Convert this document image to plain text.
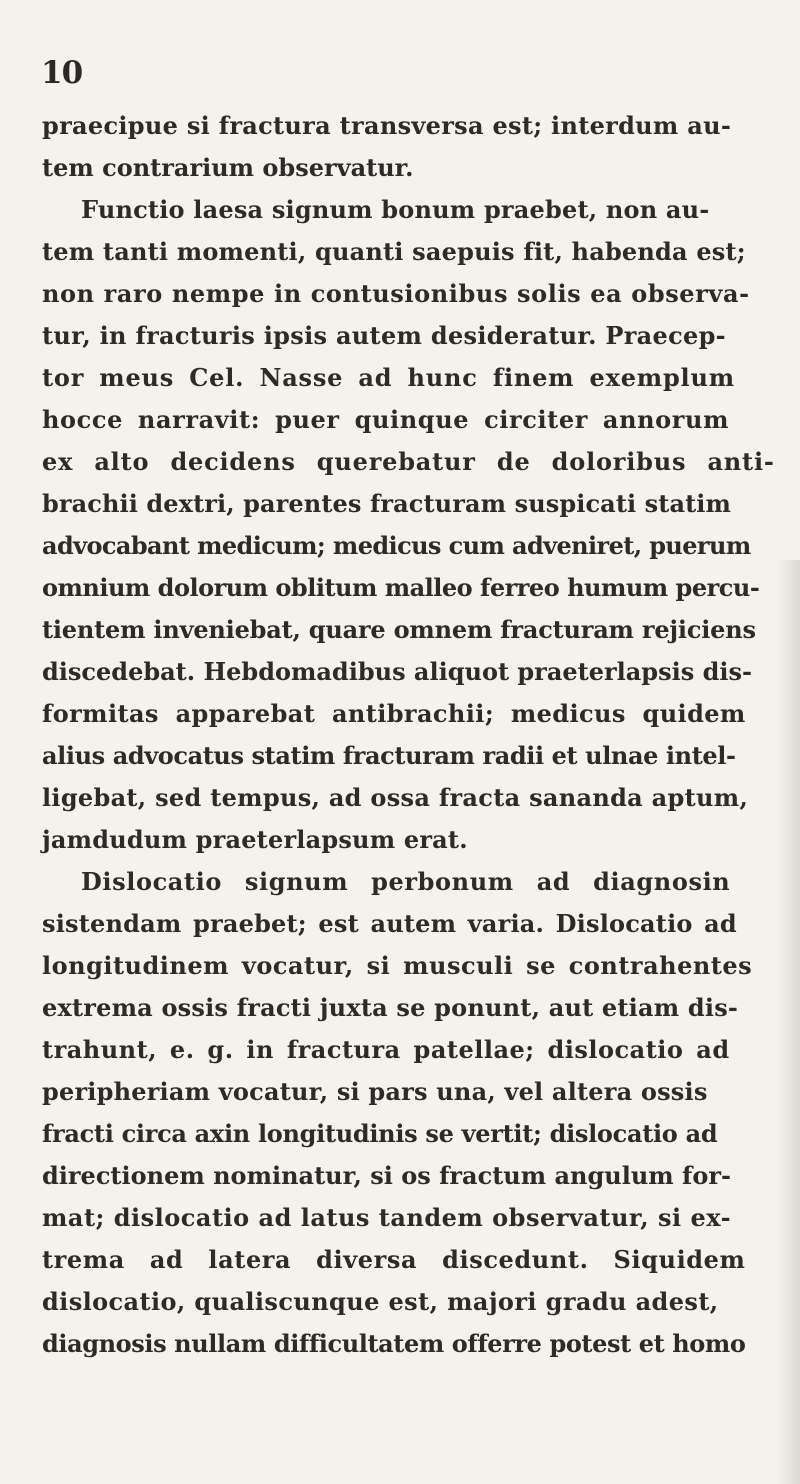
10
praecipue si fractura transversa est; interdum au-
tem contrarium observatur.
Functio laesa signum bonum praebet, non au-
tem tanti momenti, quanti saepuis fit, habenda est;
non raro nempe in contusionibus solis ea observa-
tur, in fracturis ipsis autem desideratur. Praecep-
tor meus Cel. Nasse ad hunc finem exemplum
hocce narravit: puer quinque circiter annorum
ex alto decidens querebatur de doloribus anti-
brachii dextri, parentes fracturam suspicati statim
advocabant medicum; medicus cum adveniret, puerum
omnium dolorum oblitum malleo ferreo humum percu-
tientem inveniebat, quare omnem fracturam rejiciens
discedebat. Hebdomadibus aliquot praeterlapsis dis-
formitas apparebat antibrachii; medicus quidem
alius advocatus statim fracturam radii et ulnae intel-
ligebat, sed tempus, ad ossa fracta sananda aptum,
jamdudum praeterlapsum erat.
Dislocatio signum perbonum ad diagnosin
sistendam praebet; est autem varia. Dislocatio ad
longitudinem vocatur, si musculi se contrahentes
extrema ossis fracti juxta se ponunt, aut etiam dis-
trahunt, e. g. in fractura patellae; dislocatio ad
peripheriam vocatur, si pars una, vel altera ossis
fracti circa axin longitudinis se vertit; dislocatio ad
directionem nominatur, si os fractum angulum for-
mat; dislocatio ad latus tandem observatur, si ex-
trema ad latera diversa discedunt. Siquidem
dislocatio, qualiscunque est, majori gradu adest,
diagnosis nullam difficultatem offerre potest et homo
